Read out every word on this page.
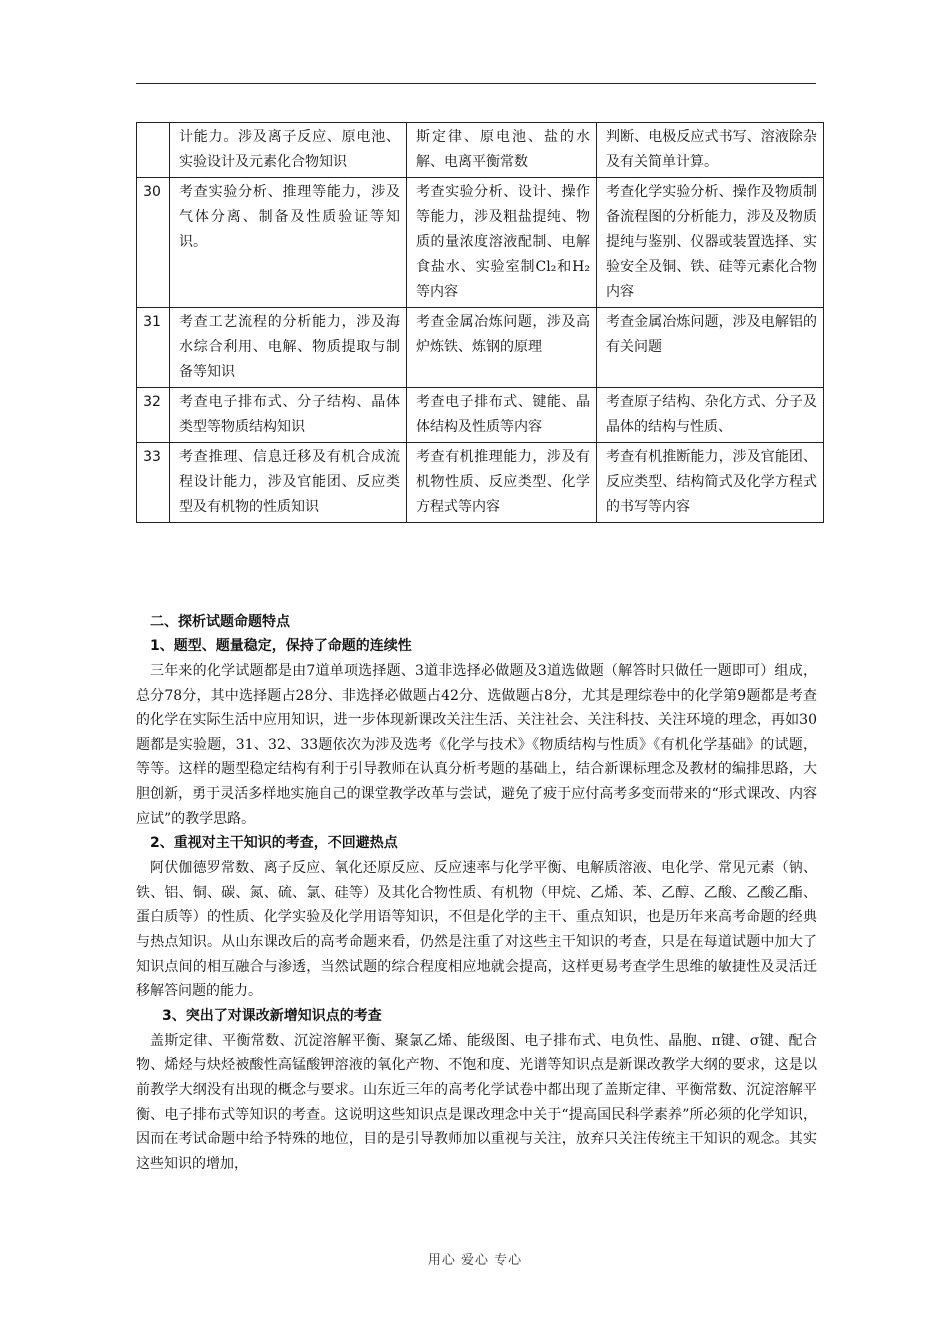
	计能力。涉及离子反应、原电池、实验设计及元素化合物知识	斯定律、原电池、盐的水解、电离平衡常数	判断、电极反应式书写、溶液除杂及有关简单计算。
30	考查实验分析、推理等能力，涉及气体分离、制备及性质验证等知识。	考查实验分析、设计、操作等能力，涉及粗盐提纯、物质的量浓度溶液配制、电解食盐水、实验室制Cl₂和H₂等内容	考查化学实验分析、操作及物质制备流程图的分析能力，涉及及物质提纯与鉴别、仪器或装置选择、实验安全及铜、铁、硅等元素化合物内容
31	考查工艺流程的分析能力，涉及海水综合利用、电解、物质提取与制备等知识	考查金属冶炼问题，涉及高炉炼铁、炼钢的原理	考查金属冶炼问题，涉及电解铝的有关问题
32	考查电子排布式、分子结构、晶体类型等物质结构知识	考查电子排布式、键能、晶体结构及性质等内容	考查原子结构、杂化方式、分子及晶体的结构与性质、
33	考查推理、信息迁移及有机合成流程设计能力，涉及官能团、反应类型及有机物的性质知识	考查有机推理能力，涉及有机物性质、反应类型、化学方程式等内容	考查有机推断能力，涉及官能团、反应类型、结构简式及化学方程式的书写等内容
二、探析试题命题特点
1、题型、题量稳定，保持了命题的连续性

三年来的化学试题都是由7道单项选择题、3道非选择必做题及3道选做题（解答时只做任一题即可）组成，总分78分，其中选择题占28分、非选择必做题占42分、选做题占8分，尤其是理综卷中的化学第9题都是考查的化学在实际生活中应用知识，进一步体现新课改关注生活、关注社会、关注科技、关注环境的理念，再如30题都是实验题，31、32、33题依次为涉及选考《化学与技术》《物质结构与性质》《有机化学基础》的试题，等等。这样的题型稳定结构有利于引导教师在认真分析考题的基础上，结合新课标理念及教材的编排思路，大胆创新，勇于灵活多样地实施自己的课堂教学改革与尝试，避免了疲于应付高考多变而带来的“形式课改、内容应试”的教学思路。

2、重视对主干知识的考查，不回避热点

阿伏伽德罗常数、离子反应、氧化还原反应、反应速率与化学平衡、电解质溶液、电化学、常见元素（钠、铁、铝、铜、碳、氮、硫、氯、硅等）及其化合物性质、有机物（甲烷、乙烯、苯、乙醇、乙酸、乙酸乙酯、蛋白质等）的性质、化学实验及化学用语等知识，不但是化学的主干、重点知识，也是历年来高考命题的经典与热点知识。从山东课改后的高考命题来看，仍然是注重了对这些主干知识的考查，只是在每道试题中加大了知识点间的相互融合与渗透，当然试题的综合程度相应地就会提高，这样更易考查学生思维的敏捷性及灵活迁移解答问题的能力。

3、突出了对课改新增知识点的考查

盖斯定律、平衡常数、沉淀溶解平衡、聚氯乙烯、能级图、电子排布式、电负性、晶胞、π键、σ键、配合物、烯烃与炔烃被酸性高锰酸钾溶液的氧化产物、不饱和度、光谱等知识点是新课改教学大纲的要求，这是以前教学大纲没有出现的概念与要求。山东近三年的高考化学试卷中都出现了盖斯定律、平衡常数、沉淀溶解平衡、电子排布式等知识的考查。这说明这些知识点是课改理念中关于“提高国民科学素养”所必须的化学知识，因而在考试命题中给予特殊的地位，目的是引导教师加以重视与关注，放弃只关注传统主干知识的观念。其实这些知识的增加，

用心 爱心 专心
